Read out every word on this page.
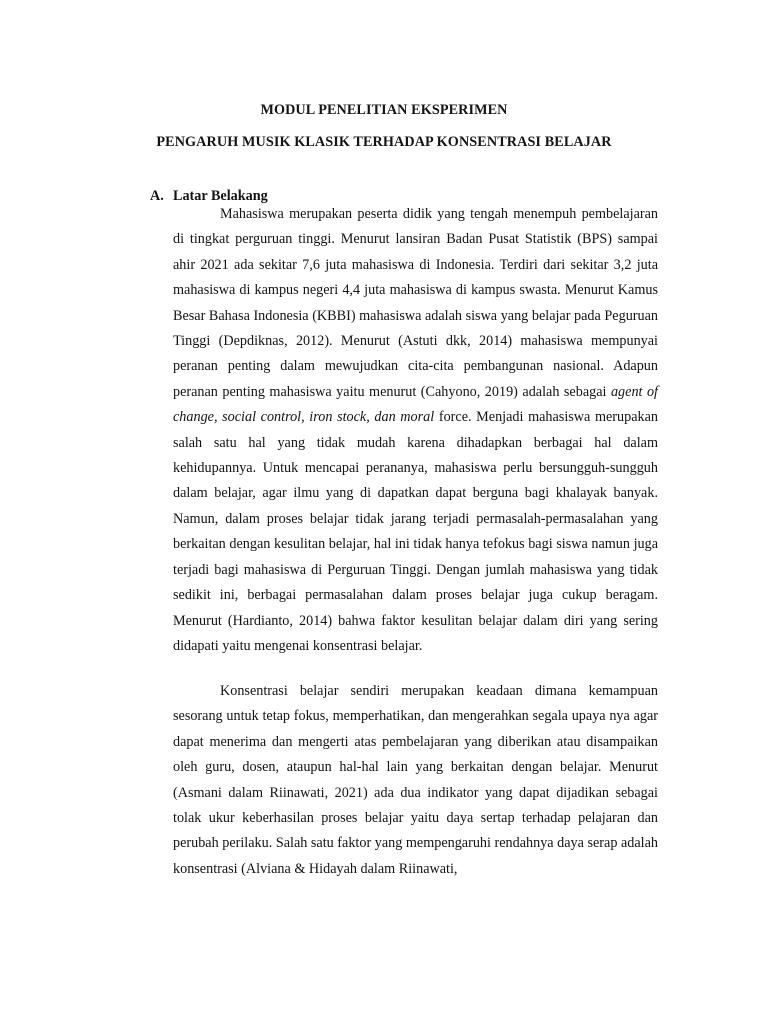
MODUL PENELITIAN EKSPERIMEN
PENGARUH MUSIK KLASIK TERHADAP KONSENTRASI BELAJAR
A. Latar Belakang

Mahasiswa merupakan peserta didik yang tengah menempuh pembelajaran di tingkat perguruan tinggi. Menurut lansiran Badan Pusat Statistik (BPS) sampai ahir 2021 ada sekitar 7,6 juta mahasiswa di Indonesia. Terdiri dari sekitar 3,2 juta mahasiswa di kampus negeri 4,4 juta mahasiswa di kampus swasta. Menurut Kamus Besar Bahasa Indonesia (KBBI) mahasiswa adalah siswa yang belajar pada Peguruan Tinggi (Depdiknas, 2012). Menurut (Astuti dkk, 2014) mahasiswa mempunyai peranan penting dalam mewujudkan cita-cita pembangunan nasional. Adapun peranan penting mahasiswa yaitu menurut (Cahyono, 2019) adalah sebagai agent of change, social control, iron stock, dan moral force. Menjadi mahasiswa merupakan salah satu hal yang tidak mudah karena dihadapkan berbagai hal dalam kehidupannya. Untuk mencapai perananya, mahasiswa perlu bersungguh-sungguh dalam belajar, agar ilmu yang di dapatkan dapat berguna bagi khalayak banyak. Namun, dalam proses belajar tidak jarang terjadi permasalah-permasalahan yang berkaitan dengan kesulitan belajar, hal ini tidak hanya tefokus bagi siswa namun juga terjadi bagi mahasiswa di Perguruan Tinggi. Dengan jumlah mahasiswa yang tidak sedikit ini, berbagai permasalahan dalam proses belajar juga cukup beragam. Menurut (Hardianto, 2014) bahwa faktor kesulitan belajar dalam diri yang sering didapati yaitu mengenai konsentrasi belajar.

Konsentrasi belajar sendiri merupakan keadaan dimana kemampuan sesorang untuk tetap fokus, memperhatikan, dan mengerahkan segala upaya nya agar dapat menerima dan mengerti atas pembelajaran yang diberikan atau disampaikan oleh guru, dosen, ataupun hal-hal lain yang berkaitan dengan belajar. Menurut (Asmani dalam Riinawati, 2021) ada dua indikator yang dapat dijadikan sebagai tolak ukur keberhasilan proses belajar yaitu daya sertap terhadap pelajaran dan perubah perilaku. Salah satu faktor yang mempengaruhi rendahnya daya serap adalah konsentrasi (Alviana & Hidayah dalam Riinawati,
